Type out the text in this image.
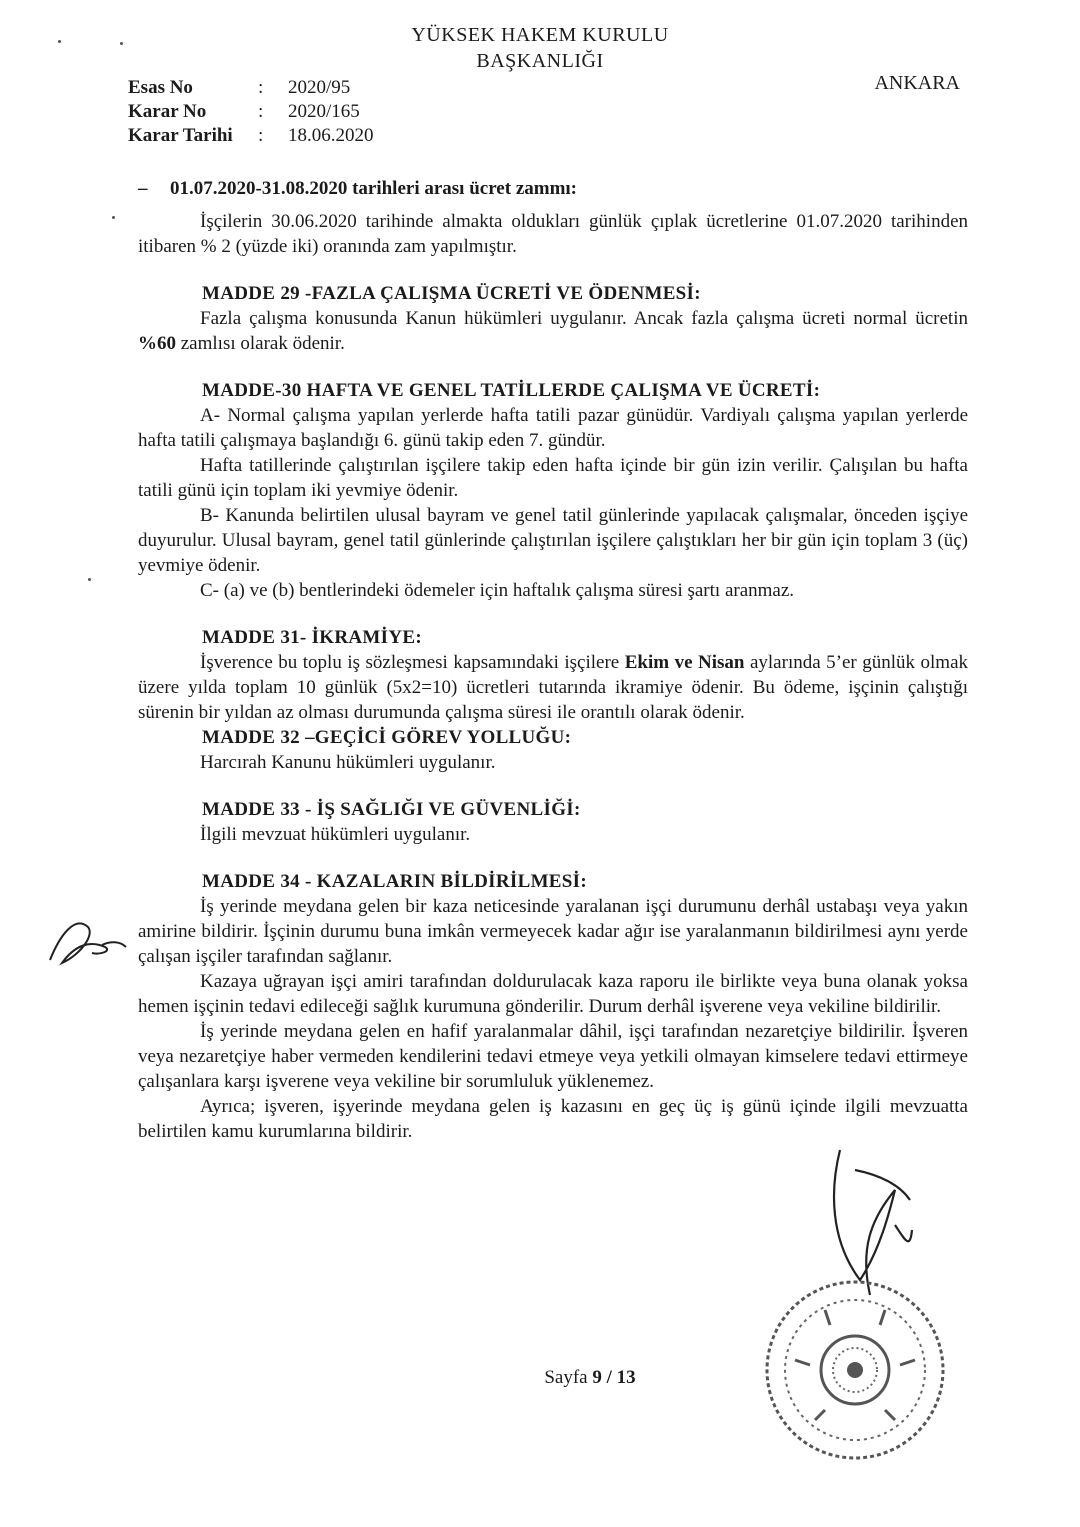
YÜKSEK HAKEM KURULU
BAŞKANLIĞI
ANKARA
Esas No	: 2020/95
Karar No	: 2020/165
Karar Tarihi : 18.06.2020

– 01.07.2020-31.08.2020 tarihleri arası ücret zammı:

İşçilerin 30.06.2020 tarihinde almakta oldukları günlük çıplak ücretlerine 01.07.2020 tarihinden itibaren % 2 (yüzde iki) oranında zam yapılmıştır.

MADDE 29 -FAZLA ÇALIŞMA ÜCRETİ VE ÖDENMESİ:

Fazla çalışma konusunda Kanun hükümleri uygulanır. Ancak fazla çalışma ücreti normal ücretin %60 zamlısı olarak ödenir.

MADDE-30 HAFTA VE GENEL TATİLLERDE ÇALIŞMA VE ÜCRETİ:

A- Normal çalışma yapılan yerlerde hafta tatili pazar günüdür. Vardiyalı çalışma yapılan yerlerde hafta tatili çalışmaya başlandığı 6. günü takip eden 7. gündür.

Hafta tatillerinde çalıştırılan işçilere takip eden hafta içinde bir gün izin verilir. Çalışılan bu hafta tatili günü için toplam iki yevmiye ödenir.

B- Kanunda belirtilen ulusal bayram ve genel tatil günlerinde yapılacak çalışmalar, önceden işçiye duyurulur. Ulusal bayram, genel tatil günlerinde çalıştırılan işçilere çalıştıkları her bir gün için toplam 3 (üç) yevmiye ödenir.

C- (a) ve (b) bentlerindeki ödemeler için haftalık çalışma süresi şartı aranmaz.

MADDE 31- İKRAMİYE:

İşverence bu toplu iş sözleşmesi kapsamındaki işçilere Ekim ve Nisan aylarında 5’er günlük olmak üzere yılda toplam 10 günlük (5x2=10) ücretleri tutarında ikramiye ödenir. Bu ödeme, işçinin çalıştığı sürenin bir yıldan az olması durumunda çalışma süresi ile orantılı olarak ödenir.

MADDE 32 –GEÇİCİ GÖREV YOLLUĞU:

Harcırah Kanunu hükümleri uygulanır.

MADDE 33 - İŞ SAĞLIĞI VE GÜVENLİĞİ:

İlgili mevzuat hükümleri uygulanır.

MADDE 34 - KAZALARIN BİLDİRİLMESİ:

İş yerinde meydana gelen bir kaza neticesinde yaralanan işçi durumunu derhâl ustabaşı veya yakın amirine bildirir. İşçinin durumu buna imkân vermeyecek kadar ağır ise yaralanmanın bildirilmesi aynı yerde çalışan işçiler tarafından sağlanır.

Kazaya uğrayan işçi amiri tarafından doldurulacak kaza raporu ile birlikte veya buna olanak yoksa hemen işçinin tedavi edileceği sağlık kurumuna gönderilir. Durum derhâl işverene veya vekiline bildirilir.

İş yerinde meydana gelen en hafif yaralanmalar dâhil, işçi tarafından nezaretçiye bildirilir. İşveren veya nezaretçiye haber vermeden kendilerini tedavi etmeye veya yetkili olmayan kimselere tedavi ettirmeye çalışanlara karşı işverene veya vekiline bir sorumluluk yüklenemez.

Ayrıca; işveren, işyerinde meydana gelen iş kazasını en geç üç iş günü içinde ilgili mevzuatta belirtilen kamu kurumlarına bildirir.

Sayfa 9 / 13
